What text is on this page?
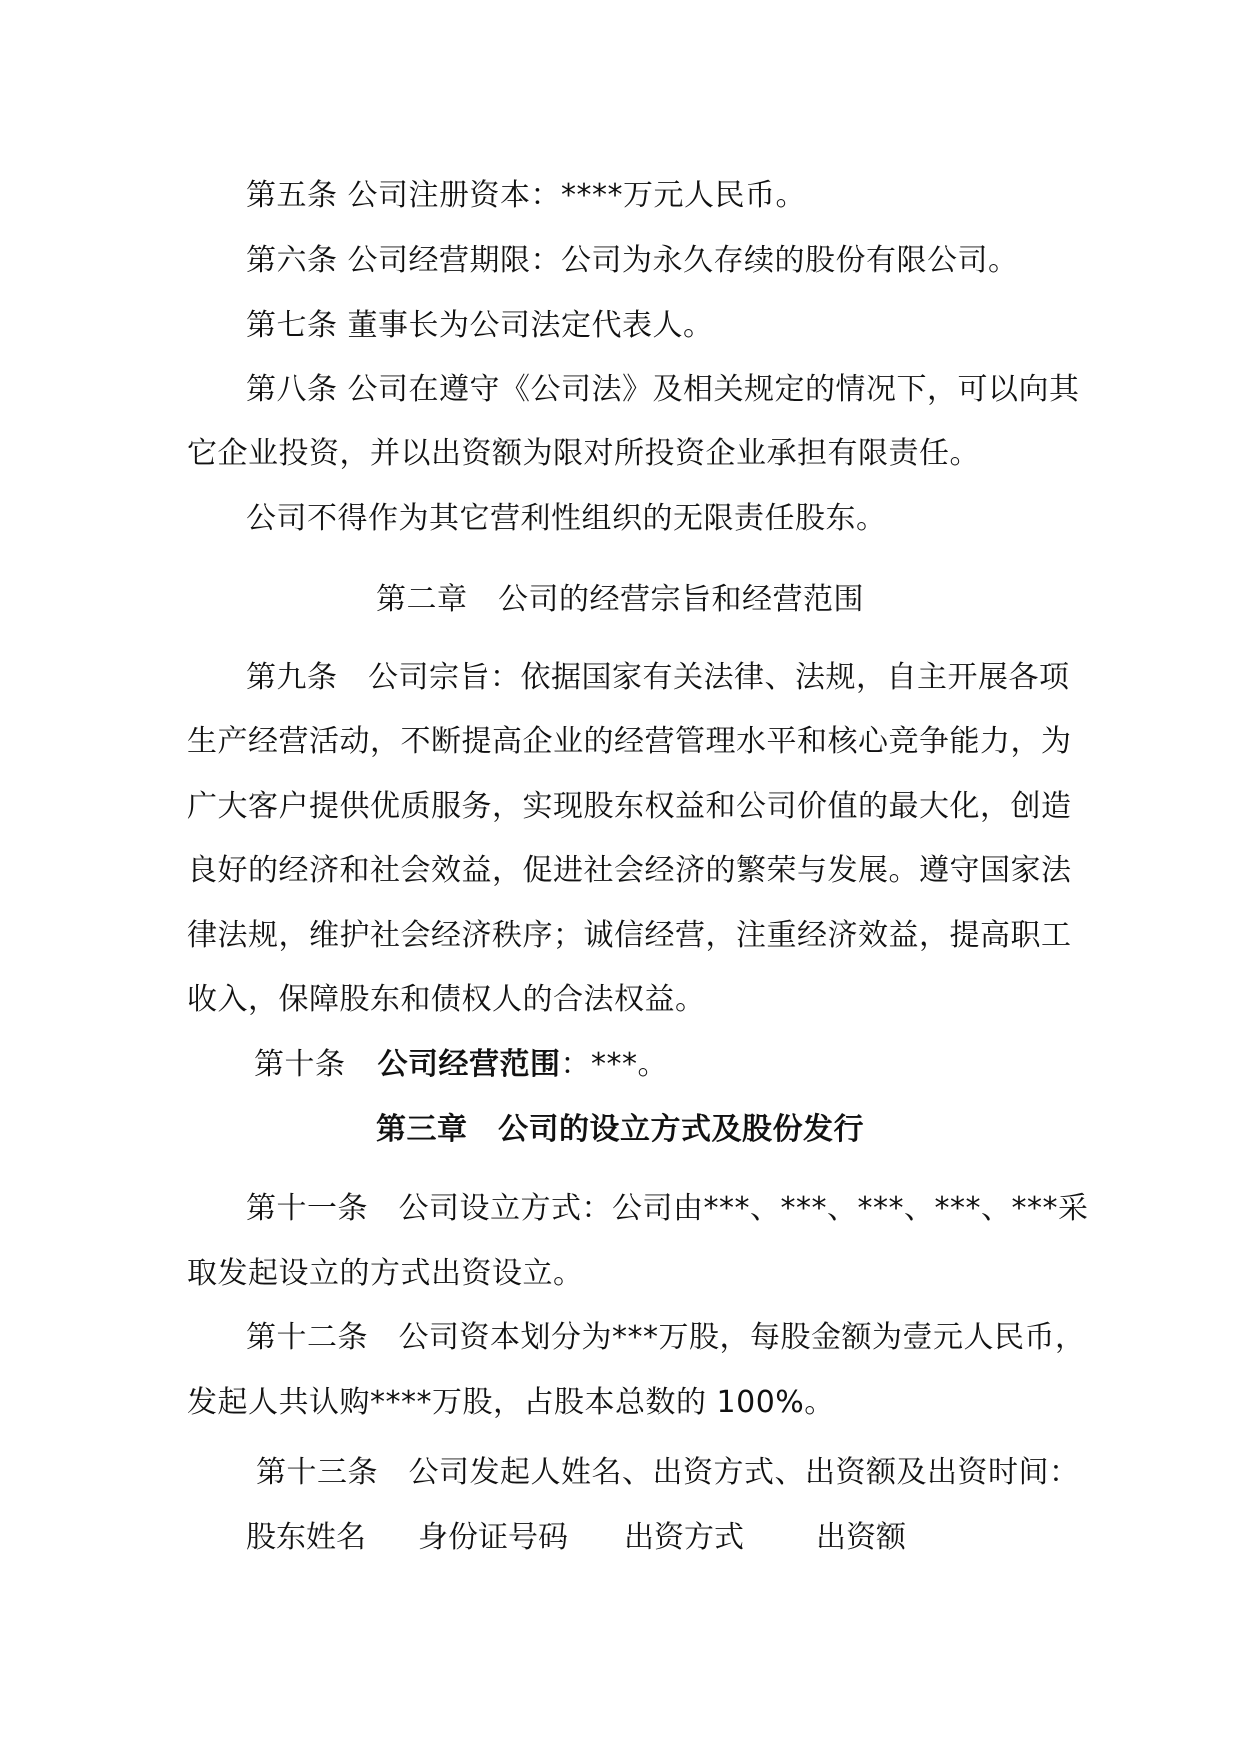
第五条 公司注册资本：****万元人民币。
第六条 公司经营期限：公司为永久存续的股份有限公司。
第七条 董事长为公司法定代表人。
第八条 公司在遵守《公司法》及相关规定的情况下，可以向其
它企业投资，并以出资额为限对所投资企业承担有限责任。
公司不得作为其它营利性组织的无限责任股东。
第二章　公司的经营宗旨和经营范围
第九条　公司宗旨：依据国家有关法律、法规，自主开展各项
生产经营活动，不断提高企业的经营管理水平和核心竞争能力，为
广大客户提供优质服务，实现股东权益和公司价值的最大化，创造
良好的经济和社会效益，促进社会经济的繁荣与发展。遵守国家法
律法规，维护社会经济秩序；诚信经营，注重经济效益，提高职工
收入，保障股东和债权人的合法权益。
第十条 公司经营范围：***。
第三章　公司的设立方式及股份发行
第十一条　公司设立方式：公司由***、***、***、***、***采
取发起设立的方式出资设立。
第十二条　公司资本划分为***万股，每股金额为壹元人民币，
发起人共认购****万股，占股本总数的 100%。
第十三条　公司发起人姓名、出资方式、出资额及出资时间：
股东姓名 身份证号码 出资方式 出资额
